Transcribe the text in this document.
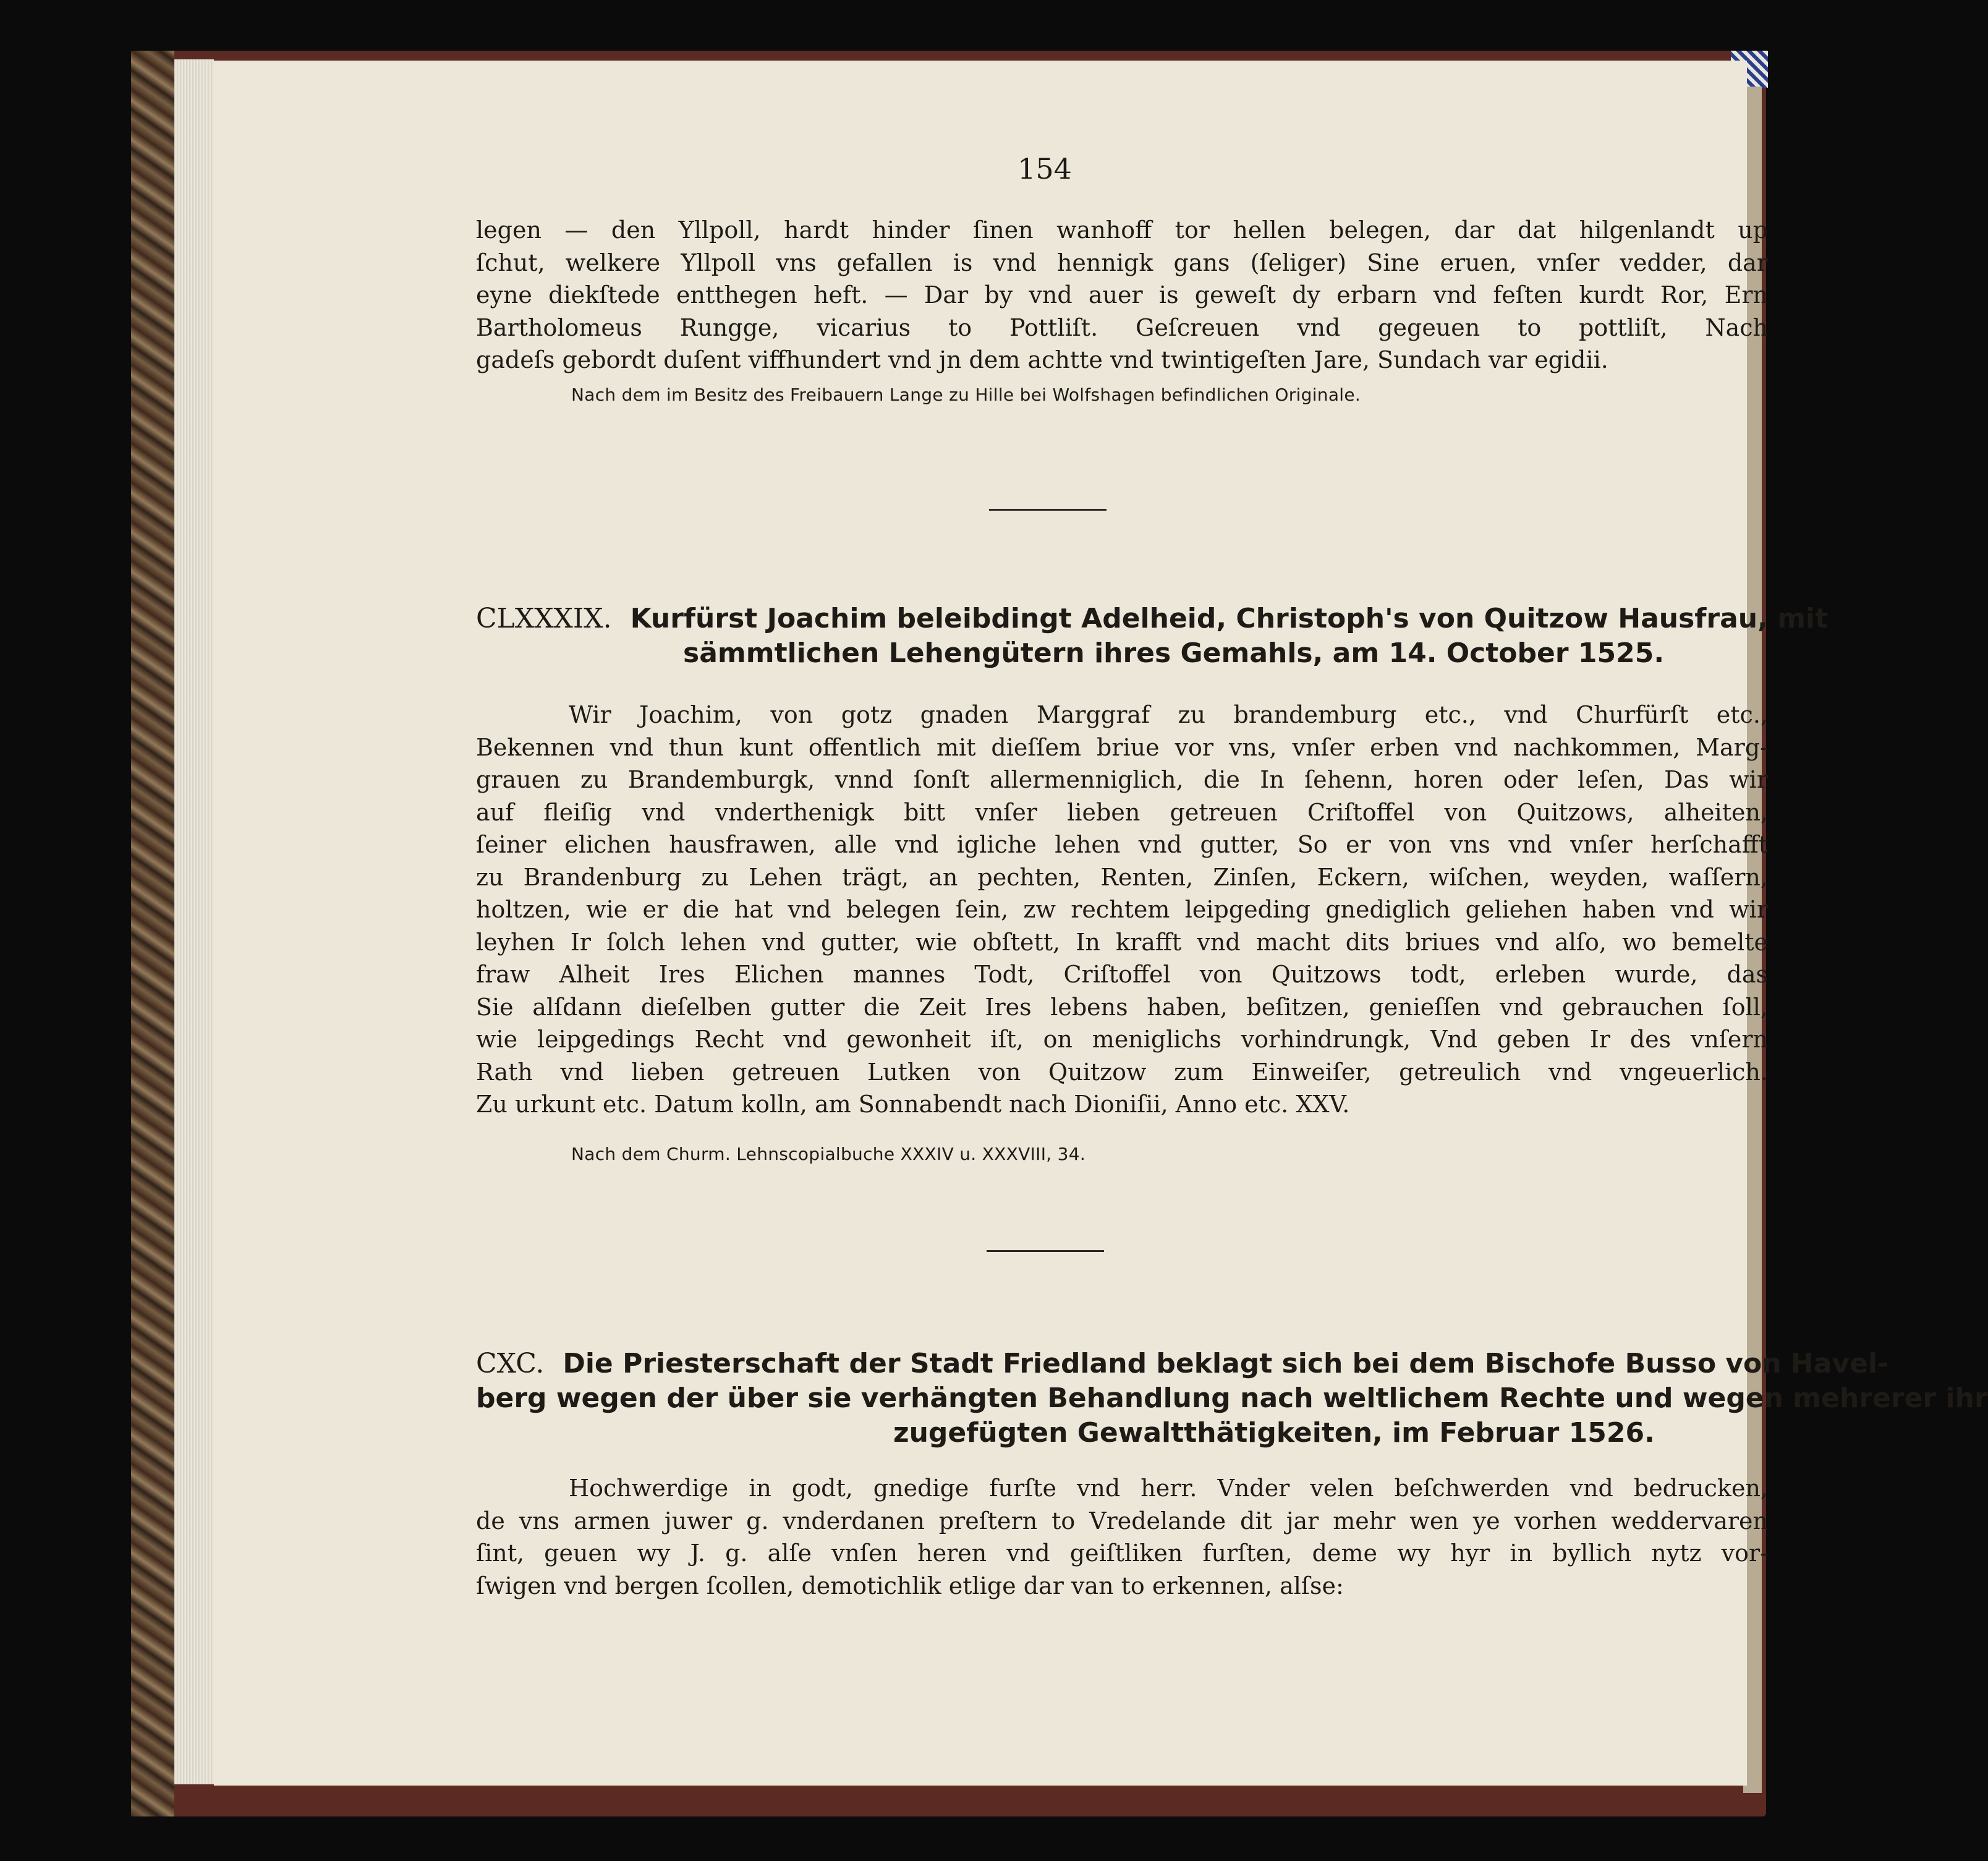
154
legen — den Yllpoll, hardt hinder ſinen wanhoff tor hellen belegen, dar dat hilgenlandt up
ſchut, welkere Yllpoll vns gefallen is vnd hennigk gans (ſeliger) Sine eruen, vnſer vedder, dar
eyne diekſtede entthegen heft. — Dar by vnd auer is geweſt dy erbarn vnd feſten kurdt Ror, Ern
Bartholomeus Rungge, vicarius to Pottliſt. Geſcreuen vnd gegeuen to pottliſt, Nach
gadeſs gebordt duſent viffhundert vnd jn dem achtte vnd twintigeſten Jare, Sundach var egidii.
Nach dem im Besitz des Freibauern Lange zu Hille bei Wolfshagen befindlichen Originale.
CLXXXIX. Kurfürst Joachim beleibdingt Adelheid, Christoph's von Quitzow Hausfrau, mit
sämmtlichen Lehengütern ihres Gemahls, am 14. October 1525.
Wir Joachim, von gotz gnaden Marggraf zu brandemburg etc., vnd Churfürſt etc.,
Bekennen vnd thun kunt offentlich mit dieſſem briue vor vns, vnſer erben vnd nachkommen, Marg-
grauen zu Brandemburgk, vnnd ſonſt allermenniglich, die In ſehenn, horen oder leſen, Das wir
auf fleiſig vnd vnderthenigk bitt vnſer lieben getreuen Criſtoffel von Quitzows, alheiten,
ſeiner elichen hausfrawen, alle vnd igliche lehen vnd gutter, So er von vns vnd vnſer herſchafft
zu Brandenburg zu Lehen trägt, an pechten, Renten, Zinſen, Eckern, wiſchen, weyden, waſſern,
holtzen, wie er die hat vnd belegen ſein, zw rechtem leipgeding gnediglich geliehen haben vnd wir
leyhen Ir ſolch lehen vnd gutter, wie obſtett, In krafft vnd macht dits briues vnd alſo, wo bemelte
fraw Alheit Ires Elichen mannes Todt, Criſtoffel von Quitzows todt, erleben wurde, das
Sie alſdann dieſelben gutter die Zeit Ires lebens haben, beſitzen, genieſſen vnd gebrauchen ſoll,
wie leipgedings Recht vnd gewonheit iſt, on meniglichs vorhindrungk, Vnd geben Ir des vnſern
Rath vnd lieben getreuen Lutken von Quitzow zum Einweiſer, getreulich vnd vngeuerlich.
Zu urkunt etc. Datum kolln, am Sonnabendt nach Dioniſii, Anno etc. XXV.
Nach dem Churm. Lehnscopialbuche XXXIV u. XXXVIII, 34.
CXC. Die Priesterschaft der Stadt Friedland beklagt sich bei dem Bischofe Busso von Havel-
berg wegen der über sie verhängten Behandlung nach weltlichem Rechte und wegen mehrerer ihr
zugefügten Gewaltthätigkeiten, im Februar 1526.
Hochwerdige in godt, gnedige furſte vnd herr. Vnder velen beſchwerden vnd bedrucken,
de vns armen juwer g. vnderdanen preſtern to Vredelande dit jar mehr wen ye vorhen weddervaren
ſint, geuen wy J. g. alſe vnſen heren vnd geiſtliken furſten, deme wy hyr in byllich nytz vor-
ſwigen vnd bergen ſcollen, demotichlik etlige dar van to erkennen, alſse:
